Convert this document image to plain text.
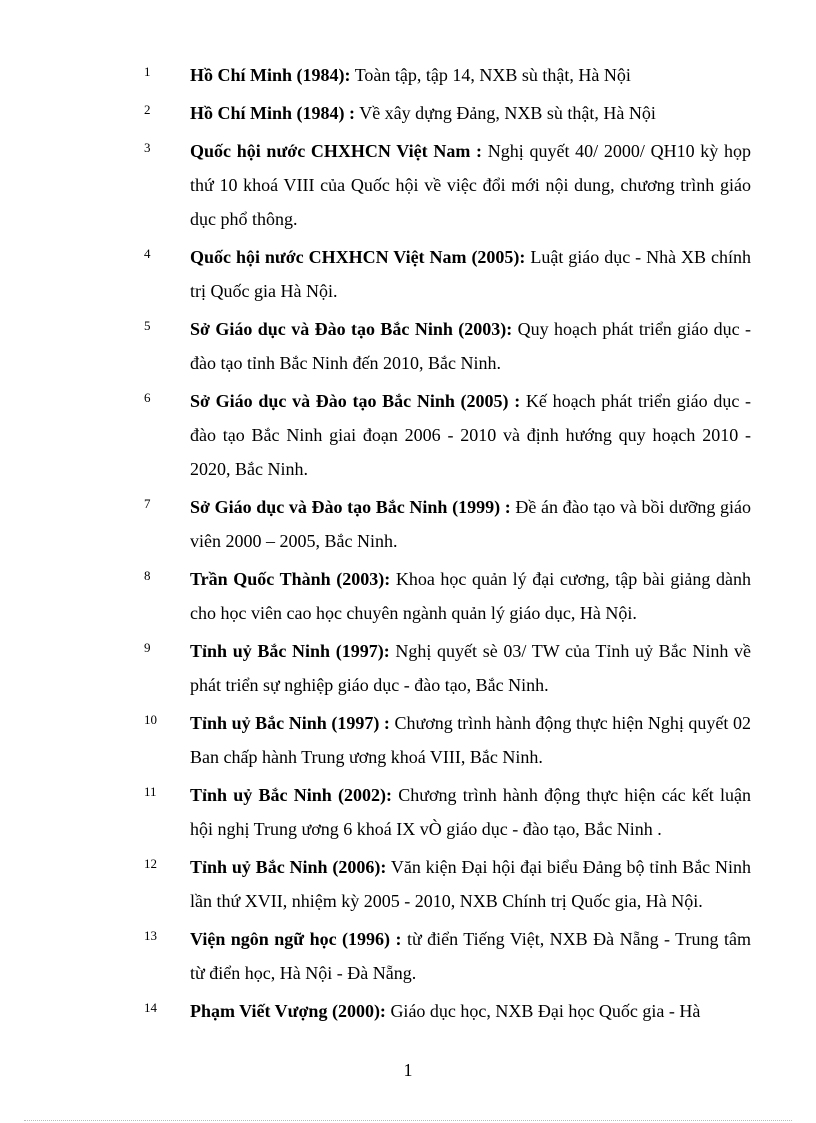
1	Hồ Chí Minh (1984): Toàn tập, tập 14, NXB sù thật, Hà Nội
2	Hồ Chí Minh (1984) : Về xây dựng Đảng, NXB sù thật, Hà Nội
3	Quốc hội nước CHXHCN Việt Nam : Nghị quyết 40/ 2000/ QH10 kỳ họp thứ 10 khoá VIII của Quốc hội về việc đổi mới nội dung, chương trình giáo dục phổ thông.
4	Quốc hội nước CHXHCN Việt Nam (2005): Luật giáo dục - Nhà XB chính trị Quốc gia Hà Nội.
5	Sở Giáo dục và Đào tạo Bắc Ninh (2003): Quy hoạch phát triển giáo dục - đào tạo tỉnh Bắc Ninh đến 2010, Bắc Ninh.
6	Sở Giáo dục và Đào tạo Bắc Ninh (2005) : Kế hoạch phát triển giáo dục - đào tạo Bắc Ninh giai đoạn 2006 - 2010 và định hướng quy hoạch 2010 - 2020, Bắc Ninh.
7	Sở Giáo dục và Đào tạo Bắc Ninh (1999) : Đề án đào tạo và bồi dưỡng giáo viên 2000 – 2005, Bắc Ninh.
8	Trần Quốc Thành (2003): Khoa học quản lý đại cương, tập bài giảng dành cho học viên cao học chuyên ngành quản lý giáo dục, Hà Nội.
9	Tỉnh uỷ Bắc Ninh (1997): Nghị quyết sè 03/ TW của Tỉnh uỷ Bắc Ninh về phát triển sự nghiệp giáo dục - đào tạo, Bắc Ninh.
10	Tỉnh uỷ Bắc Ninh (1997) : Chương trình hành động thực hiện Nghị quyết 02 Ban chấp hành Trung ương khoá VIII, Bắc Ninh.
11	Tỉnh uỷ Bắc Ninh (2002): Chương trình hành động thực hiện các kết luận hội nghị Trung ương 6 khoá IX vÒ giáo dục - đào tạo, Bắc Ninh .
12	Tỉnh uỷ Bắc Ninh (2006): Văn kiện Đại hội đại biểu Đảng bộ tỉnh Bắc Ninh lần thứ XVII, nhiệm kỳ 2005 - 2010, NXB Chính trị Quốc gia, Hà Nội.
13	Viện ngôn ngữ học (1996) : từ điển Tiếng Việt, NXB Đà Nẵng - Trung tâm từ điển học, Hà Nội - Đà Nẵng.
14	Phạm Viết Vượng (2000): Giáo dục học, NXB Đại học Quốc gia - Hà
1
